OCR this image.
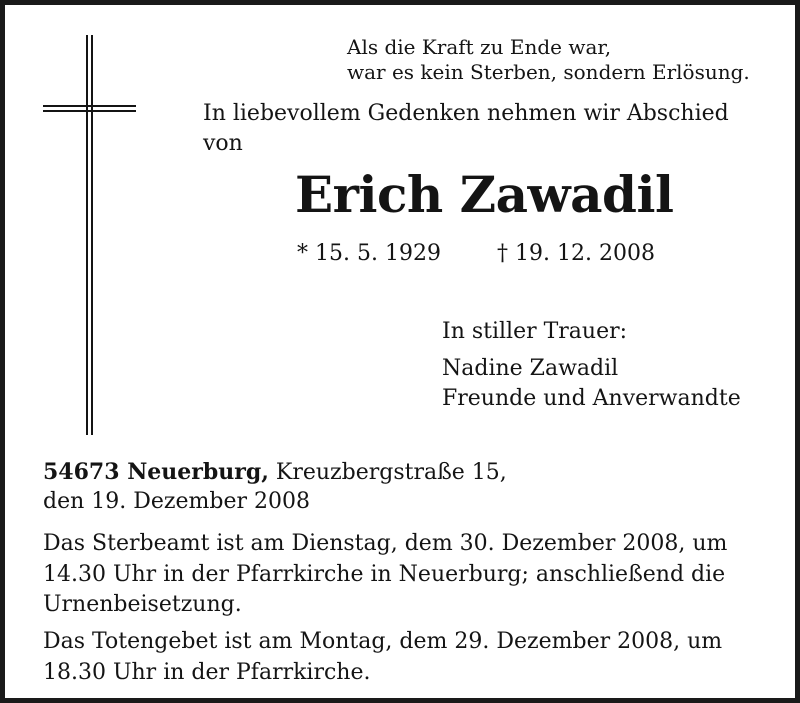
Als die Kraft zu Ende war,
war es kein Sterben, sondern Erlösung.
In liebevollem Gedenken nehmen wir Abschied
von
Erich Zawadil
* 15. 5. 1929	† 19. 12. 2008
In stiller Trauer:
Nadine Zawadil
Freunde und Anverwandte
54673 Neuerburg, Kreuzbergstraße 15,
den 19. Dezember 2008
Das Sterbeamt ist am Dienstag, dem 30. Dezember 2008, um
14.30 Uhr in der Pfarrkirche in Neuerburg; anschließend die
Urnenbeisetzung.
Das Totengebet ist am Montag, dem 29. Dezember 2008, um
18.30 Uhr in der Pfarrkirche.
